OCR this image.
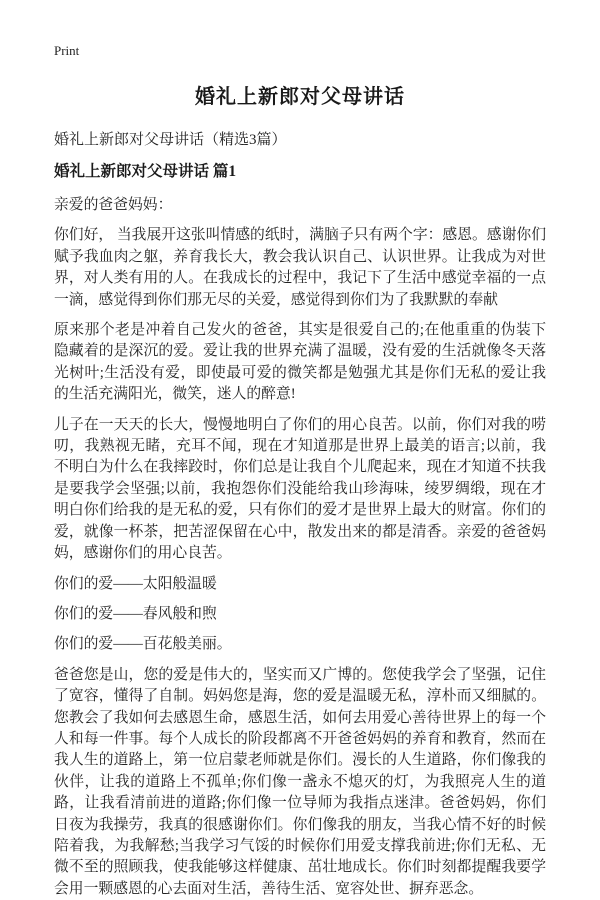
Print
婚礼上新郎对父母讲话

婚礼上新郎对父母讲话（精选3篇）

婚礼上新郎对父母讲话 篇1

亲爱的爸爸妈妈：

你们好， 当我展开这张叫情感的纸时，满脑子只有两个字：感恩。感谢你们赋予我血肉之躯，养育我长大，教会我认识自己、认识世界。让我成为对世界，对人类有用的人。在我成长的过程中，我记下了生活中感觉幸福的一点一滴，感觉得到你们那无尽的关爱，感觉得到你们为了我默默的奉献

原来那个老是冲着自己发火的爸爸，其实是很爱自己的;在他重重的伪装下隐藏着的是深沉的爱。爱让我的世界充满了温暖，没有爱的生活就像冬天落光树叶;生活没有爱，即使最可爱的微笑都是勉强尤其是你们无私的爱让我的生活充满阳光，微笑，迷人的醉意!

儿子在一天天的长大，慢慢地明白了你们的用心良苦。以前，你们对我的唠叨，我熟视无睹，充耳不闻，现在才知道那是世界上最美的语言;以前，我不明白为什么在我摔跤时，你们总是让我自个儿爬起来，现在才知道不扶我是要我学会坚强;以前，我抱怨你们没能给我山珍海味，绫罗绸缎，现在才明白你们给我的是无私的爱，只有你们的爱才是世界上最大的财富。你们的爱，就像一杯茶，把苦涩保留在心中，散发出来的都是清香。亲爱的爸爸妈妈，感谢你们的用心良苦。

你们的爱——太阳般温暖

你们的爱——春风般和煦

你们的爱——百花般美丽。

爸爸您是山，您的爱是伟大的，坚实而又广博的。您使我学会了坚强，记住了宽容，懂得了自制。妈妈您是海，您的爱是温暖无私，淳朴而又细腻的。您教会了我如何去感恩生命，感恩生活，如何去用爱心善待世界上的每一个人和每一件事。每个人成长的阶段都离不开爸爸妈妈的养育和教育，然而在我人生的道路上，第一位启蒙老师就是你们。漫长的人生道路，你们像我的伙伴，让我的道路上不孤单;你们像一盏永不熄灭的灯，为我照亮人生的道路，让我看清前进的道路;你们像一位导师为我指点迷津。爸爸妈妈，你们日夜为我操劳，我真的很感谢你们。你们像我的朋友，当我心情不好的时候陪着我，为我解愁;当我学习气馁的时候你们用爱支撑我前进;你们无私、无微不至的照顾我，使我能够这样健康、茁壮地成长。你们时刻都提醒我要学会用一颗感恩的心去面对生活，善待生活、宽容处世、摒弃恶念。
